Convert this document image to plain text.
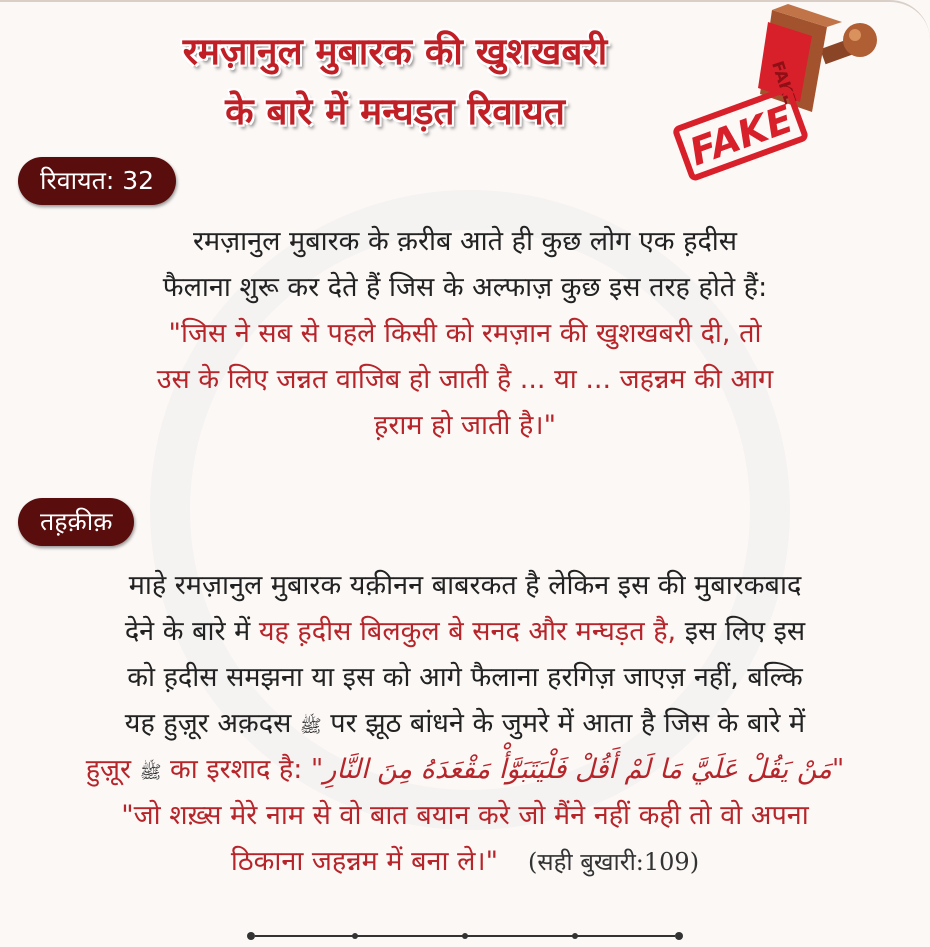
रमज़ानुल मुबारक की खुशखबरी
के बारे में मन्घड़त रिवायत
FAKE
FAKE
रिवायत: 32
रमज़ानुल मुबारक के क़रीब आते ही कुछ लोग एक ह़दीस
फैलाना शुरू कर देते हैं जिस के अल्फाज़ कुछ इस तरह होते हैं:
"जिस ने सब से पहले किसी को रमज़ान की खुशखबरी दी, तो
उस के लिए जन्नत वाजिब हो जाती है ... या ... जहन्नम की आग
ह़राम हो जाती है।"
तह़क़ीक़
माहे रमज़ानुल मुबारक यक़ीनन बाबरकत है लेकिन इस की मुबारकबाद
देने के बारे में यह ह़दीस बिलकुल बे सनद और मन्घड़त है, इस लिए इस
को ह़दीस समझना या इस को आगे फैलाना हरगिज़ जाएज़ नहीं, बल्कि
यह हुज़ूर अक़दस ﷺ पर झूठ बांधने के जुमरे में आता है जिस के बारे में
हुज़ूर ﷺ का इरशाद है: "مَنْ يَقُلْ عَلَيَّ مَا لَمْ أَقُلْ فَلْيَتَبَوَّأْ مَقْعَدَهُ مِنَ النَّارِ"
"जो शख़्स मेरे नाम से वो बात बयान करे जो मैंने नहीं कही तो वो अपना
ठिकाना जहन्नम में बना ले।" (सही बुखारी:109)
